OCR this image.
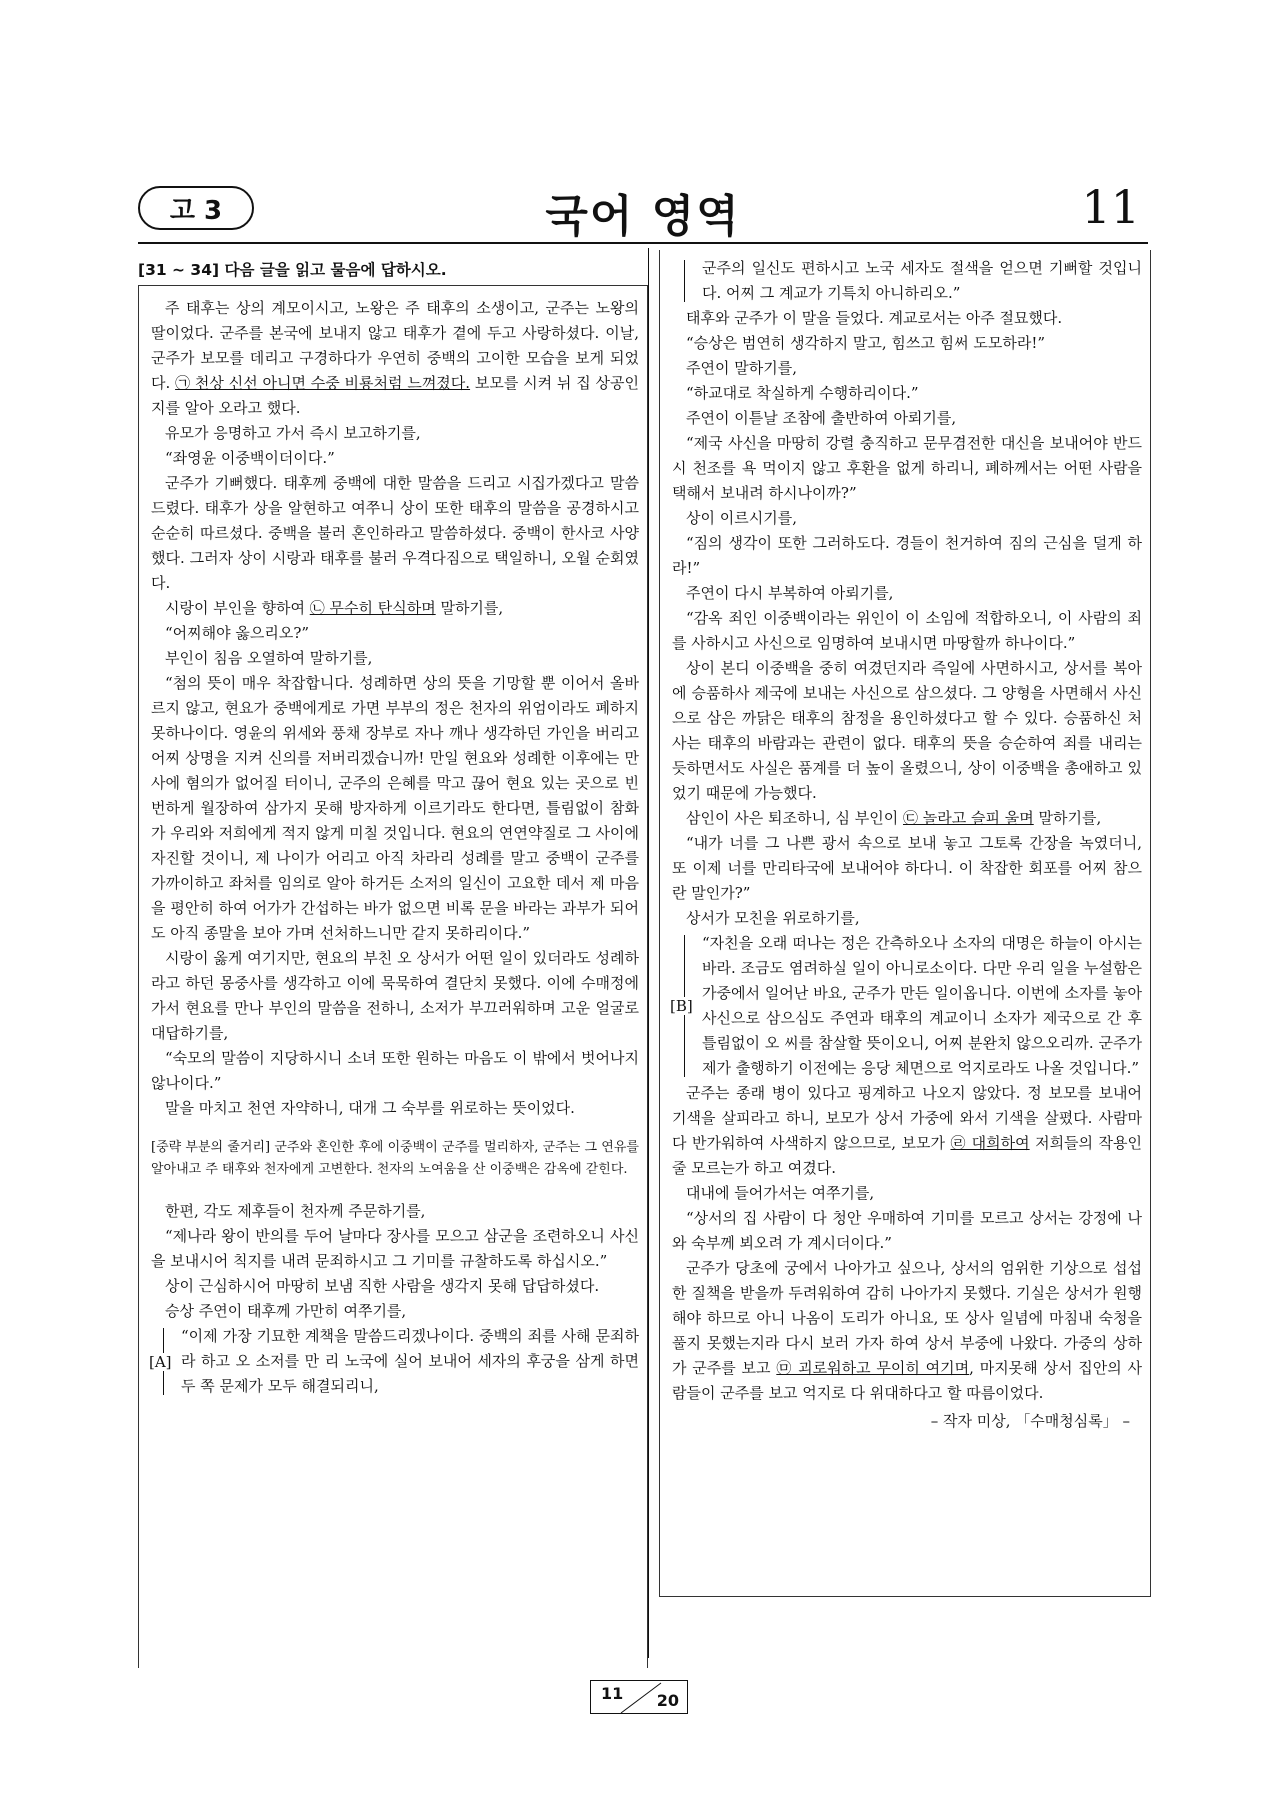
고 3	국어 영역	11
[31 ~ 34] 다음 글을 읽고 물음에 답하시오.

주 태후는 상의 계모이시고, 노왕은 주 태후의 소생이고, 군주는 노왕의 딸이었다. 군주를 본국에 보내지 않고 태후가 곁에 두고 사랑하셨다. 이날, 군주가 보모를 데리고 구경하다가 우연히 중백의 고이한 모습을 보게 되었다. ㉠ 천상 신선 아니면 수중 비룡처럼 느껴졌다. 보모를 시켜 뉘 집 상공인지를 알아 오라고 했다.

유모가 응명하고 가서 즉시 보고하기를,

“좌영윤 이중백이더이다.”

군주가 기뻐했다. 태후께 중백에 대한 말씀을 드리고 시집가겠다고 말씀드렸다. 태후가 상을 알현하고 여쭈니 상이 또한 태후의 말씀을 공경하시고 순순히 따르셨다. 중백을 불러 혼인하라고 말씀하셨다. 중백이 한사코 사양했다. 그러자 상이 시랑과 태후를 불러 우격다짐으로 택일하니, 오월 순회였다.

시랑이 부인을 향하여 ㉡ 무수히 탄식하며 말하기를,

“어찌해야 옳으리오?”

부인이 침음 오열하여 말하기를,

“첨의 뜻이 매우 착잡합니다. 성례하면 상의 뜻을 기망할 뿐 이어서 올바르지 않고, 현요가 중백에게로 가면 부부의 정은 천자의 위엄이라도 폐하지 못하나이다. 영윤의 위세와 풍채 장부로 자나 깨나 생각하던 가인을 버리고 어찌 상명을 지켜 신의를 저버리겠습니까! 만일 현요와 성례한 이후에는 만사에 혐의가 없어질 터이니, 군주의 은혜를 막고 끊어 현요 있는 곳으로 빈번하게 월장하여 삼가지 못해 방자하게 이르기라도 한다면, 틀림없이 참화가 우리와 저희에게 적지 않게 미칠 것입니다. 현요의 연연약질로 그 사이에 자진할 것이니, 제 나이가 어리고 아직 차라리 성례를 말고 중백이 군주를 가까이하고 좌처를 임의로 알아 하거든 소저의 일신이 고요한 데서 제 마음을 평안히 하여 어가가 간섭하는 바가 없으면 비록 문을 바라는 과부가 되어도 아직 종말을 보아 가며 선처하느니만 같지 못하리이다.”

시랑이 옳게 여기지만, 현요의 부친 오 상서가 어떤 일이 있더라도 성례하라고 하던 몽중사를 생각하고 이에 묵묵하여 결단치 못했다. 이에 수매정에 가서 현요를 만나 부인의 말씀을 전하니, 소저가 부끄러워하며 고운 얼굴로 대답하기를,

“숙모의 말씀이 지당하시니 소녀 또한 원하는 마음도 이 밖에서 벗어나지 않나이다.”

말을 마치고 천연 자약하니, 대개 그 숙부를 위로하는 뜻이었다.

[중략 부분의 줄거리] 군주와 혼인한 후에 이중백이 군주를 멀리하자, 군주는 그 연유를 알아내고 주 태후와 천자에게 고변한다. 천자의 노여움을 산 이중백은 감옥에 갇힌다.

한편, 각도 제후들이 천자께 주문하기를,

“제나라 왕이 반의를 두어 날마다 장사를 모으고 삼군을 조련하오니 사신을 보내시어 칙지를 내려 문죄하시고 그 기미를 규찰하도록 하십시오.”

상이 근심하시어 마땅히 보냄 직한 사람을 생각지 못해 답답하셨다.

승상 주연이 태후께 가만히 여쭈기를,

[A]

“이제 가장 기묘한 계책을 말씀드리겠나이다. 중백의 죄를 사해 문죄하라 하고 오 소저를 만 리 노국에 실어 보내어 세자의 후궁을 삼게 하면 두 쪽 문제가 모두 해결되리니,

군주의 일신도 편하시고 노국 세자도 절색을 얻으면 기뻐할 것입니다. 어찌 그 계교가 기특치 아니하리오.”

태후와 군주가 이 말을 들었다. 계교로서는 아주 절묘했다.

“승상은 범연히 생각하지 말고, 힘쓰고 힘써 도모하라!”

주연이 말하기를,

“하교대로 착실하게 수행하리이다.”

주연이 이튿날 조참에 출반하여 아뢰기를,

“제국 사신을 마땅히 강렬 충직하고 문무겸전한 대신을 보내어야 반드시 천조를 욕 먹이지 않고 후환을 없게 하리니, 폐하께서는 어떤 사람을 택해서 보내려 하시나이까?”

상이 이르시기를,

“짐의 생각이 또한 그러하도다. 경들이 천거하여 짐의 근심을 덜게 하라!”

주연이 다시 부복하여 아뢰기를,

“감옥 죄인 이중백이라는 위인이 이 소임에 적합하오니, 이 사람의 죄를 사하시고 사신으로 임명하여 보내시면 마땅할까 하나이다.”

상이 본디 이중백을 중히 여겼던지라 즉일에 사면하시고, 상서를 복아에 승품하사 제국에 보내는 사신으로 삼으셨다. 그 양형을 사면해서 사신으로 삼은 까닭은 태후의 참정을 용인하셨다고 할 수 있다. 승품하신 처사는 태후의 바람과는 관련이 없다. 태후의 뜻을 승순하여 죄를 내리는 듯하면서도 사실은 품계를 더 높이 올렸으니, 상이 이중백을 총애하고 있었기 때문에 가능했다.

삼인이 사은 퇴조하니, 심 부인이 ㉢ 놀라고 슬피 울며 말하기를,

“내가 너를 그 나쁜 광서 속으로 보내 놓고 그토록 간장을 녹였더니, 또 이제 너를 만리타국에 보내어야 하다니. 이 착잡한 회포를 어찌 참으란 말인가?”

상서가 모친을 위로하기를,

[B]

“자친을 오래 떠나는 정은 간측하오나 소자의 대명은 하늘이 아시는 바라. 조금도 염려하실 일이 아니로소이다. 다만 우리 일을 누설함은 가중에서 일어난 바요, 군주가 만든 일이옵니다. 이번에 소자를 놓아 사신으로 삼으심도 주연과 태후의 계교이니 소자가 제국으로 간 후 틀림없이 오 씨를 참살할 뜻이오니, 어찌 분완치 않으오리까. 군주가 제가 출행하기 이전에는 응당 체면으로 억지로라도 나올 것입니다.”

군주는 종래 병이 있다고 핑계하고 나오지 않았다. 정 보모를 보내어 기색을 살피라고 하니, 보모가 상서 가중에 와서 기색을 살폈다. 사람마다 반가워하여 사색하지 않으므로, 보모가 ㉣ 대희하여 저희들의 작용인 줄 모르는가 하고 여겼다.

대내에 들어가서는 여쭈기를,

“상서의 집 사람이 다 청안 우매하여 기미를 모르고 상서는 강정에 나와 숙부께 뵈오려 가 계시더이다.”

군주가 당초에 궁에서 나아가고 싶으나, 상서의 엄위한 기상으로 섭섭한 질책을 받을까 두려워하여 감히 나아가지 못했다. 기실은 상서가 원행해야 하므로 아니 나옴이 도리가 아니요, 또 상사 일념에 마침내 숙청을 풀지 못했는지라 다시 보러 가자 하여 상서 부중에 나왔다. 가중의 상하가 군주를 보고 ㉤ 괴로워하고 무이히 여기며, 마지못해 상서 집안의 사람들이 군주를 보고 억지로 다 위대하다고 할 따름이었다.

– 작자 미상, 「수매청심록」 –
11 20
